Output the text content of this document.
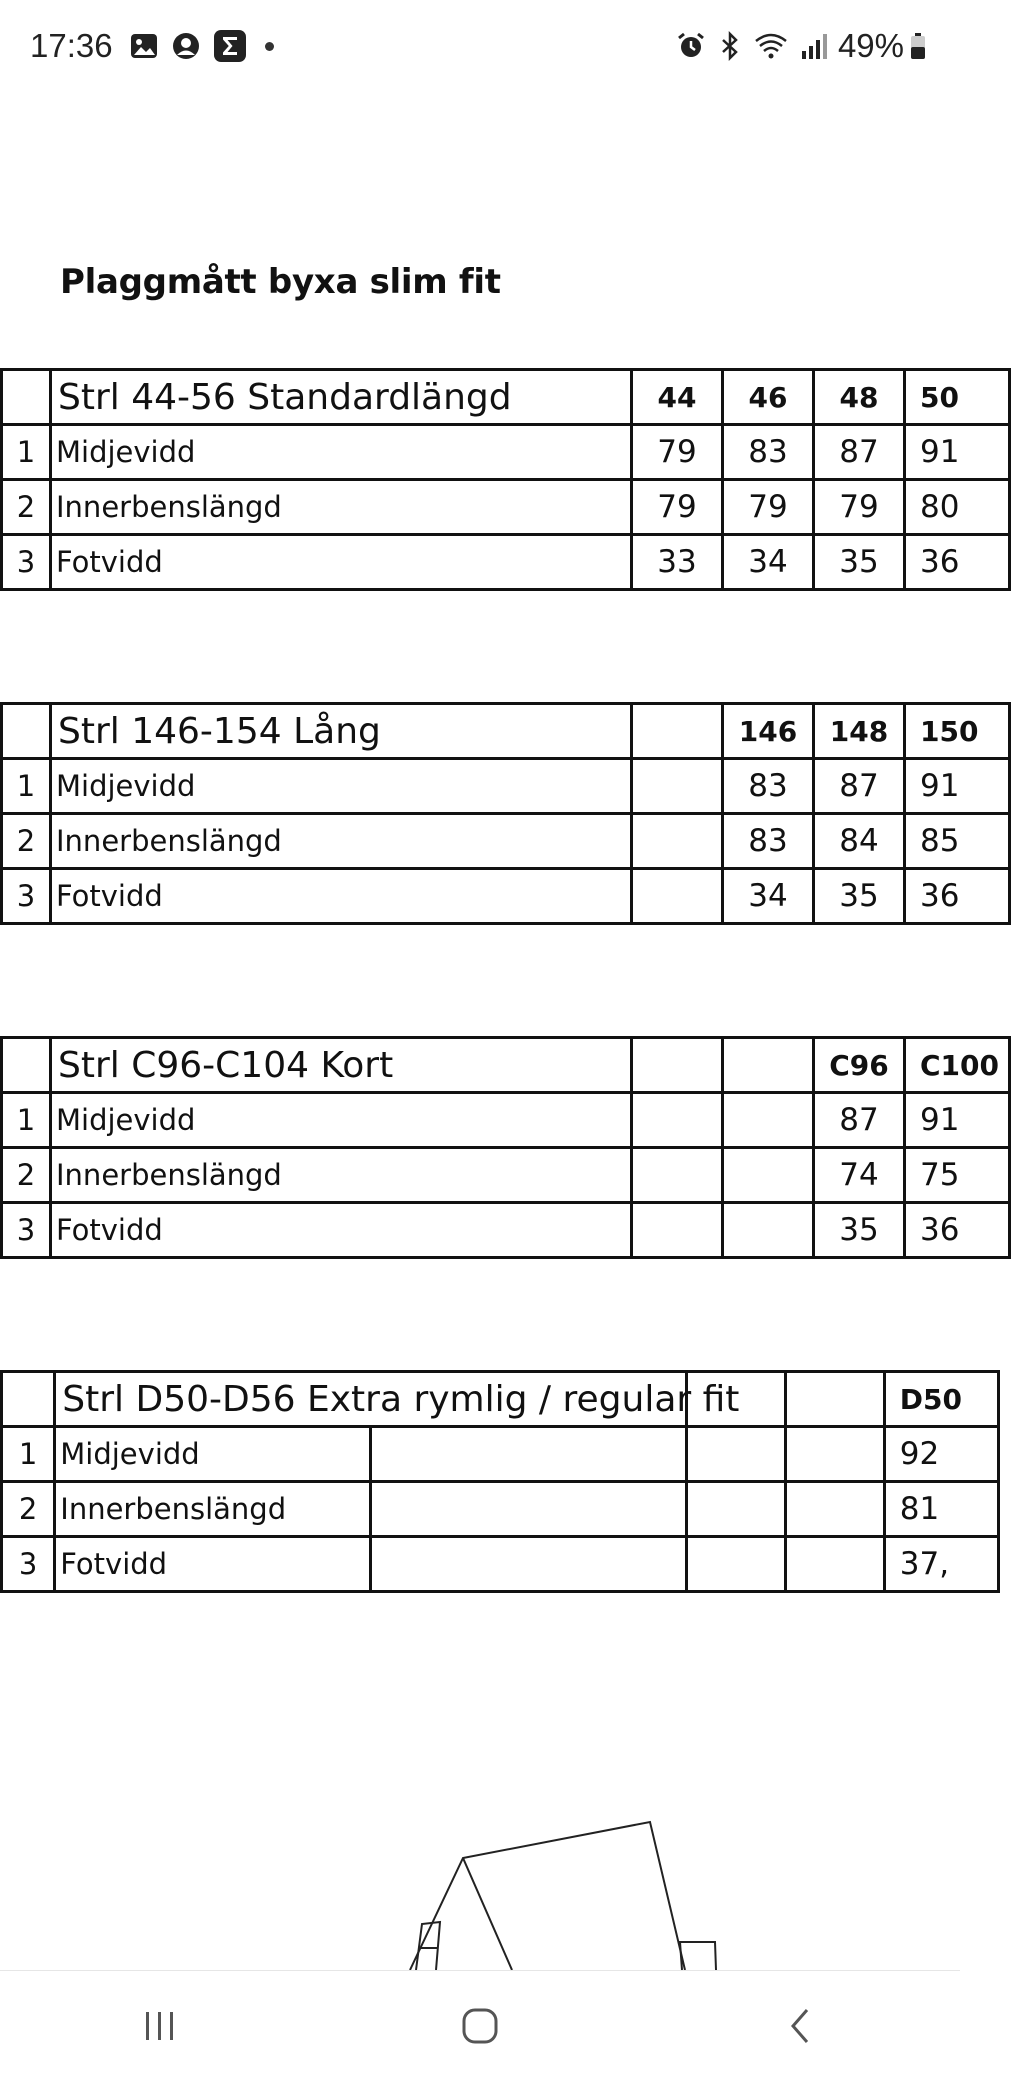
17:36	49%
Plaggmått byxa slim fit
	Strl 44-56 Standardlängd	44	46	48	50
1	Midjevidd	79	83	87	91
2	Innerbenslängd	79	79	79	80
3	Fotvidd	33	34	35	36
	Strl 146-154 Lång		146	148	150
1	Midjevidd		83	87	91
2	Innerbenslängd		83	84	85
3	Fotvidd		34	35	36
	Strl C96-C104 Kort			C96	C100
1	Midjevidd			87	91
2	Innerbenslängd			74	75
3	Fotvidd			35	36
	Strl D50-D56 Extra rymlig / regular fit				D50
1	Midjevidd				92
2	Innerbenslängd				81
3	Fotvidd				37,
